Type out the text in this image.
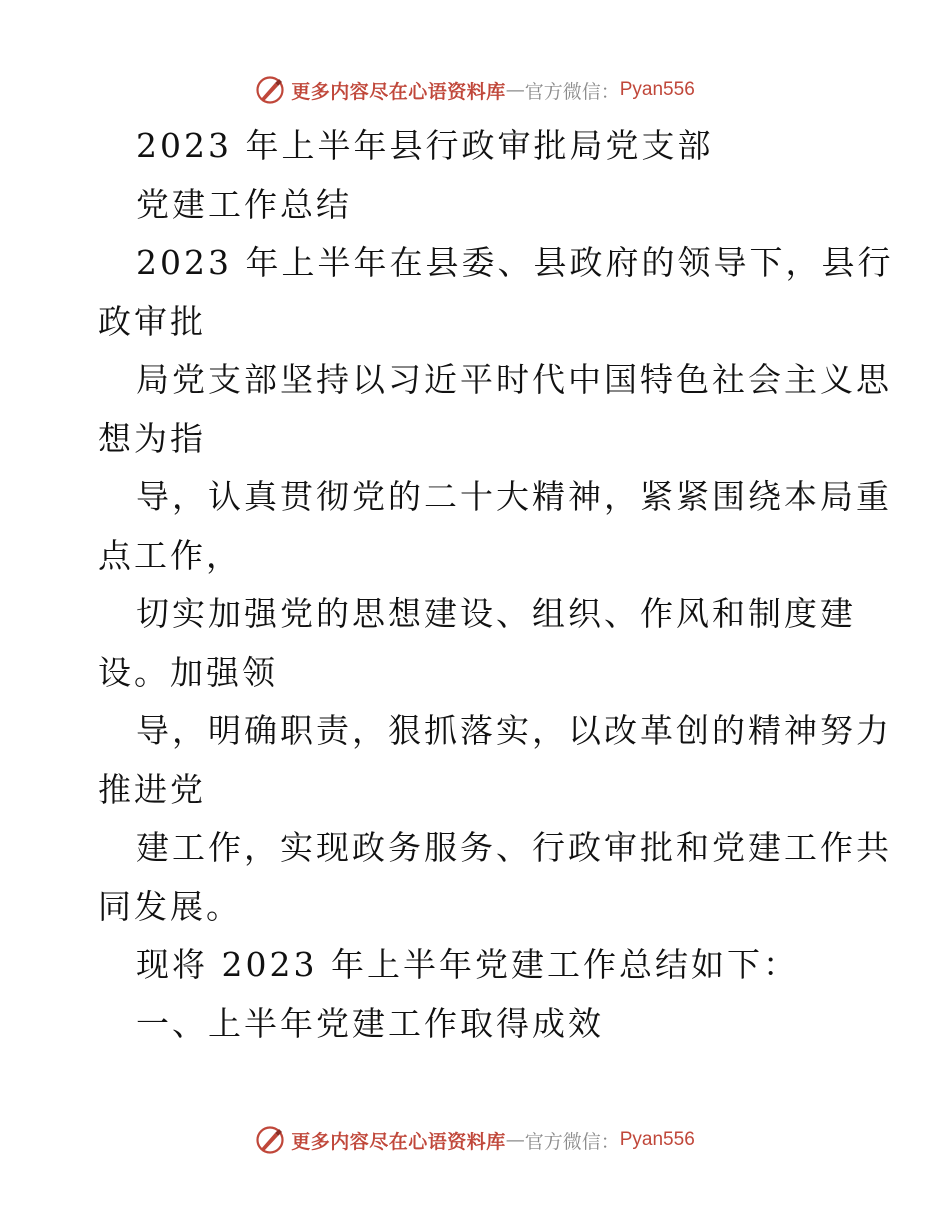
更多内容尽在心语资料库 — 官方微信： Pyan556
2023 年上半年县行政审批局党支部
党建工作总结
2023 年上半年在县委、县政府的领导下，县行
政审批
局党支部坚持以习近平时代中国特色社会主义思
想为指
导，认真贯彻党的二十大精神，紧紧围绕本局重
点工作，
切实加强党的思想建设、组织、作风和制度建
设。加强领
导，明确职责，狠抓落实，以改革创的精神努力
推进党
建工作，实现政务服务、行政审批和党建工作共
同发展。
现将 2023 年上半年党建工作总结如下：
一、上半年党建工作取得成效
更多内容尽在心语资料库 — 官方微信： Pyan556
